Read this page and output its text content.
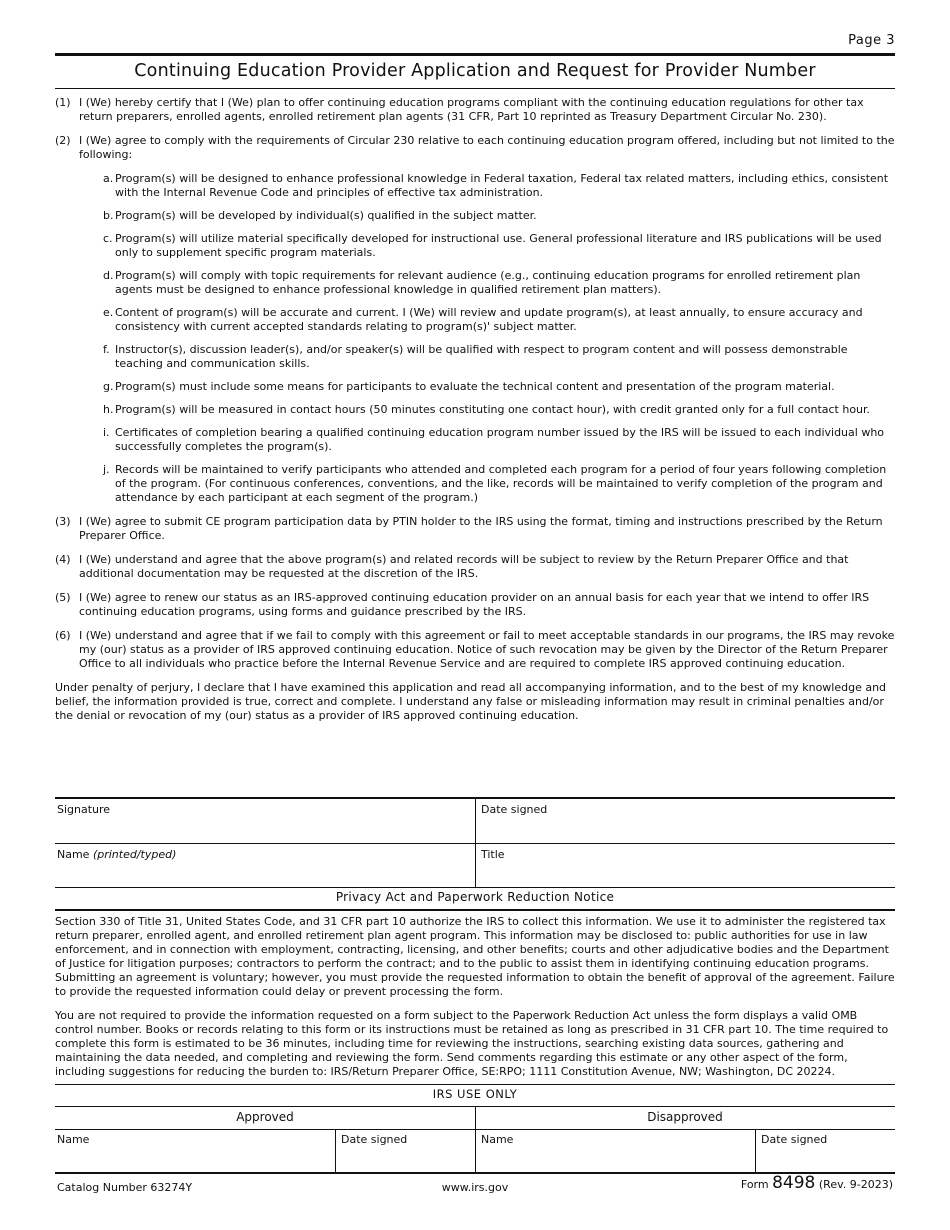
Page 3
Continuing Education Provider Application and Request for Provider Number
(1) I (We) hereby certify that I (We) plan to offer continuing education programs compliant with the continuing education regulations for other tax return preparers, enrolled agents, enrolled retirement plan agents (31 CFR, Part 10 reprinted as Treasury Department Circular No. 230).
(2) I (We) agree to comply with the requirements of Circular 230 relative to each continuing education program offered, including but not limited to the following:
a. Program(s) will be designed to enhance professional knowledge in Federal taxation, Federal tax related matters, including ethics, consistent with the Internal Revenue Code and principles of effective tax administration.
b. Program(s) will be developed by individual(s) qualified in the subject matter.
c. Program(s) will utilize material specifically developed for instructional use. General professional literature and IRS publications will be used only to supplement specific program materials.
d. Program(s) will comply with topic requirements for relevant audience (e.g., continuing education programs for enrolled retirement plan agents must be designed to enhance professional knowledge in qualified retirement plan matters).
e. Content of program(s) will be accurate and current. I (We) will review and update program(s), at least annually, to ensure accuracy and consistency with current accepted standards relating to program(s)' subject matter.
f. Instructor(s), discussion leader(s), and/or speaker(s) will be qualified with respect to program content and will possess demonstrable teaching and communication skills.
g. Program(s) must include some means for participants to evaluate the technical content and presentation of the program material.
h. Program(s) will be measured in contact hours (50 minutes constituting one contact hour), with credit granted only for a full contact hour.
i. Certificates of completion bearing a qualified continuing education program number issued by the IRS will be issued to each individual who successfully completes the program(s).
j. Records will be maintained to verify participants who attended and completed each program for a period of four years following completion of the program. (For continuous conferences, conventions, and the like, records will be maintained to verify completion of the program and attendance by each participant at each segment of the program.)
(3) I (We) agree to submit CE program participation data by PTIN holder to the IRS using the format, timing and instructions prescribed by the Return Preparer Office.
(4) I (We) understand and agree that the above program(s) and related records will be subject to review by the Return Preparer Office and that additional documentation may be requested at the discretion of the IRS.
(5) I (We) agree to renew our status as an IRS-approved continuing education provider on an annual basis for each year that we intend to offer IRS continuing education programs, using forms and guidance prescribed by the IRS.
(6) I (We) understand and agree that if we fail to comply with this agreement or fail to meet acceptable standards in our programs, the IRS may revoke my (our) status as a provider of IRS approved continuing education. Notice of such revocation may be given by the Director of the Return Preparer Office to all individuals who practice before the Internal Revenue Service and are required to complete IRS approved continuing education.

Under penalty of perjury, I declare that I have examined this application and read all accompanying information, and to the best of my knowledge and belief, the information provided is true, correct and complete. I understand any false or misleading information may result in criminal penalties and/or the denial or revocation of my (our) status as a provider of IRS approved continuing education.

Signature	Date signed
Name (printed/typed)	Title
Privacy Act and Paperwork Reduction Notice

Section 330 of Title 31, United States Code, and 31 CFR part 10 authorize the IRS to collect this information. We use it to administer the registered tax return preparer, enrolled agent, and enrolled retirement plan agent program. This information may be disclosed to: public authorities for use in law enforcement, and in connection with employment, contracting, licensing, and other benefits; courts and other adjudicative bodies and the Department of Justice for litigation purposes; contractors to perform the contract; and to the public to assist them in identifying continuing education programs. Submitting an agreement is voluntary; however, you must provide the requested information to obtain the benefit of approval of the agreement. Failure to provide the requested information could delay or prevent processing the form.

You are not required to provide the information requested on a form subject to the Paperwork Reduction Act unless the form displays a valid OMB control number. Books or records relating to this form or its instructions must be retained as long as prescribed in 31 CFR part 10. The time required to complete this form is estimated to be 36 minutes, including time for reviewing the instructions, searching existing data sources, gathering and maintaining the data needed, and completing and reviewing the form. Send comments regarding this estimate or any other aspect of the form, including suggestions for reducing the burden to: IRS/Return Preparer Office, SE:RPO; 1111 Constitution Avenue, NW; Washington, DC 20224.

IRS USE ONLY
Approved	Disapproved
Name	Date signed	Name	Date signed
Catalog Number 63274Y	www.irs.gov	Form 8498 (Rev. 9-2023)
